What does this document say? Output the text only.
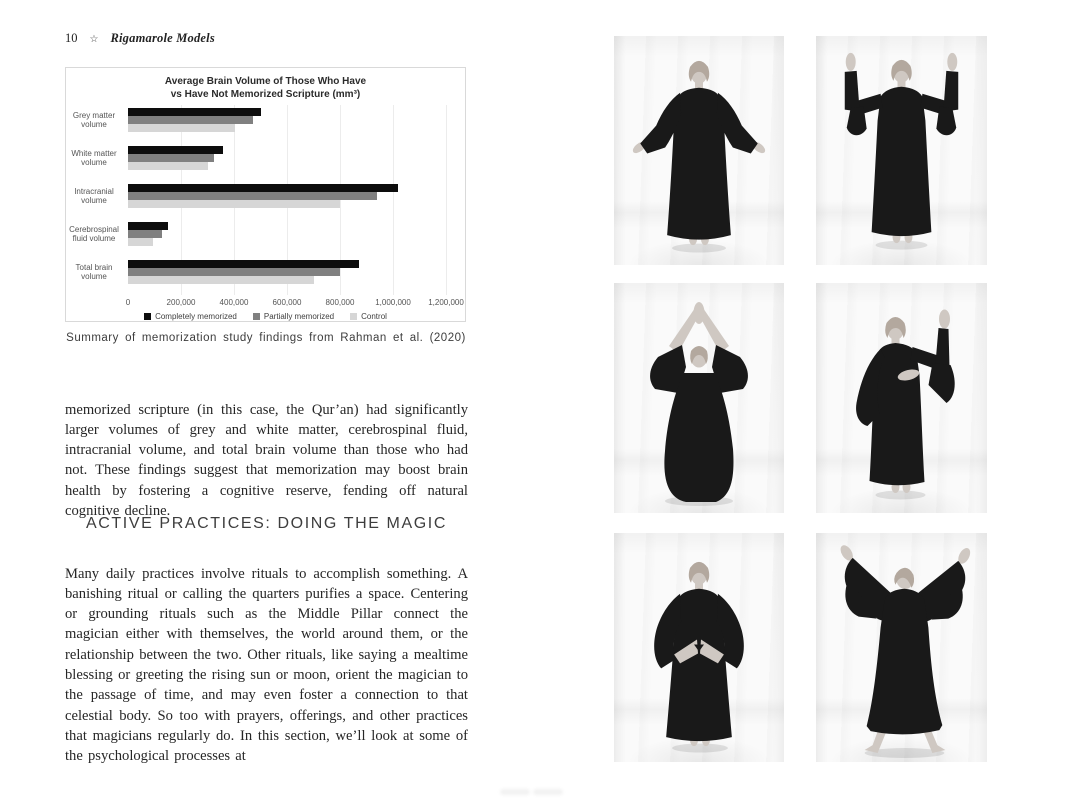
10 ☆ Rigamarole Models
Average Brain Volume of Those Who Have
vs Have Not Memorized Scripture (mm³)
Grey matter volume
White matter volume
Intracranial volume
Cerebrospinal fluid volume
Total brain volume
0	200,000	400,000	600,000	800,000	1,000,000 1,200,000
Completely memorized	Partially memorized	Control
Summary of memorization study findings from Rahman et al. (2020)

memorized scripture (in this case, the Qur’an) had significantly larger volumes of grey and white matter, cerebrospinal fluid, intracranial volume, and total brain volume than those who had not. These findings suggest that memorization may boost brain health by fostering a cognitive reserve, fending off natural cognitive decline.

ACTIVE PRACTICES: DOING THE MAGIC

Many daily practices involve rituals to accomplish something. A banishing ritual or calling the quarters purifies a space. Centering or grounding rituals such as the Middle Pillar connect the magician either with themselves, the world around them, or the relationship between the two. Other rituals, like saying a mealtime blessing or greeting the rising sun or moon, orient the magician to the passage of time, and may even foster a connection to that celestial body. So too with prayers, offerings, and other practices that magicians regularly do. In this section, we’ll look at some of the psychological processes at
